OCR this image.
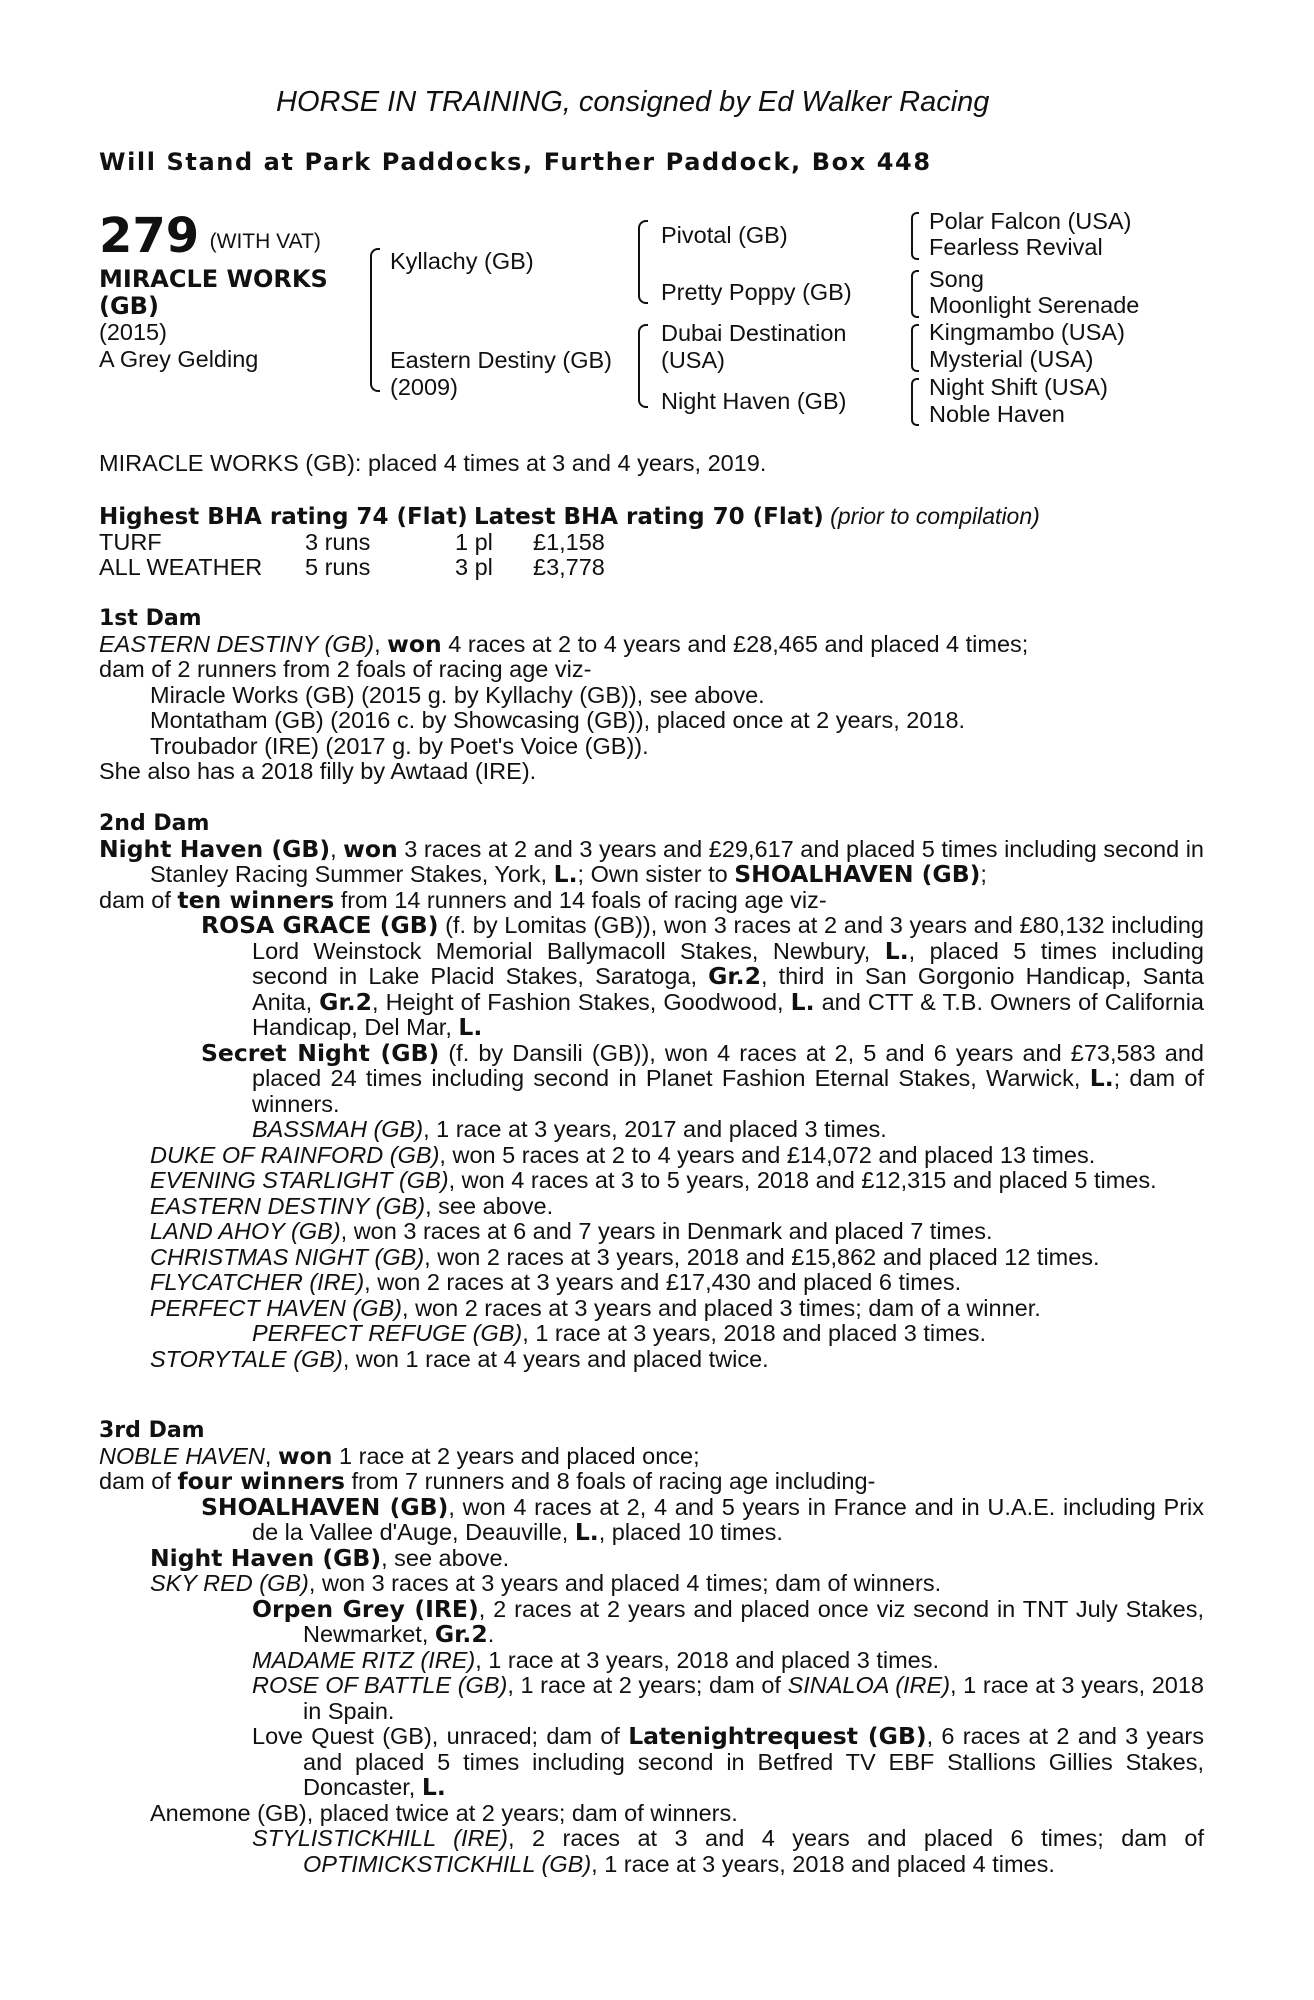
HORSE IN TRAINING, consigned by Ed Walker Racing
Will Stand at Park Paddocks, Further Paddock, Box 448
279 (WITH VAT)
MIRACLE WORKS
(GB)
(2015)
A Grey Gelding
Kyllachy (GB)
Eastern Destiny (GB)
(2009)
Pivotal (GB)
Pretty Poppy (GB)
Dubai Destination
(USA)
Night Haven (GB)
Polar Falcon (USA)
Fearless Revival
Song
Moonlight Serenade
Kingmambo (USA)
Mysterial (USA)
Night Shift (USA)
Noble Haven
MIRACLE WORKS (GB): placed 4 times at 3 and 4 years, 2019.
Highest BHA rating 74 (Flat) Latest BHA rating 70 (Flat) (prior to compilation)
TURF	3 runs	1 pl	£1,158
ALL WEATHER	5 runs	3 pl	£3,778

1st Dam

EASTERN DESTINY (GB), won 4 races at 2 to 4 years and £28,465 and placed 4 times;

dam of 2 runners from 2 foals of racing age viz-

Miracle Works (GB) (2015 g. by Kyllachy (GB)), see above.

Montatham (GB) (2016 c. by Showcasing (GB)), placed once at 2 years, 2018.

Troubador (IRE) (2017 g. by Poet's Voice (GB)).

She also has a 2018 filly by Awtaad (IRE).

2nd Dam

Night Haven (GB), won 3 races at 2 and 3 years and £29,617 and placed 5 times including second in Stanley Racing Summer Stakes, York, L.; Own sister to SHOALHAVEN (GB);

dam of ten winners from 14 runners and 14 foals of racing age viz-

ROSA GRACE (GB) (f. by Lomitas (GB)), won 3 races at 2 and 3 years and £80,132 including Lord Weinstock Memorial Ballymacoll Stakes, Newbury, L., placed 5 times including second in Lake Placid Stakes, Saratoga, Gr.2, third in San Gorgonio Handicap, Santa Anita, Gr.2, Height of Fashion Stakes, Goodwood, L. and CTT & T.B. Owners of California Handicap, Del Mar, L.

Secret Night (GB) (f. by Dansili (GB)), won 4 races at 2, 5 and 6 years and £73,583 and placed 24 times including second in Planet Fashion Eternal Stakes, Warwick, L.; dam of winners.

BASSMAH (GB), 1 race at 3 years, 2017 and placed 3 times.

DUKE OF RAINFORD (GB), won 5 races at 2 to 4 years and £14,072 and placed 13 times.

EVENING STARLIGHT (GB), won 4 races at 3 to 5 years, 2018 and £12,315 and placed 5 times.

EASTERN DESTINY (GB), see above.

LAND AHOY (GB), won 3 races at 6 and 7 years in Denmark and placed 7 times.

CHRISTMAS NIGHT (GB), won 2 races at 3 years, 2018 and £15,862 and placed 12 times.

FLYCATCHER (IRE), won 2 races at 3 years and £17,430 and placed 6 times.

PERFECT HAVEN (GB), won 2 races at 3 years and placed 3 times; dam of a winner.

PERFECT REFUGE (GB), 1 race at 3 years, 2018 and placed 3 times.

STORYTALE (GB), won 1 race at 4 years and placed twice.

3rd Dam

NOBLE HAVEN, won 1 race at 2 years and placed once;

dam of four winners from 7 runners and 8 foals of racing age including-

SHOALHAVEN (GB), won 4 races at 2, 4 and 5 years in France and in U.A.E. including Prix de la Vallee d'Auge, Deauville, L., placed 10 times.

Night Haven (GB), see above.

SKY RED (GB), won 3 races at 3 years and placed 4 times; dam of winners.

Orpen Grey (IRE), 2 races at 2 years and placed once viz second in TNT July Stakes, Newmarket, Gr.2.

MADAME RITZ (IRE), 1 race at 3 years, 2018 and placed 3 times.

ROSE OF BATTLE (GB), 1 race at 2 years; dam of SINALOA (IRE), 1 race at 3 years, 2018 in Spain.

Love Quest (GB), unraced; dam of Latenightrequest (GB), 6 races at 2 and 3 years and placed 5 times including second in Betfred TV EBF Stallions Gillies Stakes, Doncaster, L.

Anemone (GB), placed twice at 2 years; dam of winners.

STYLISTICKHILL (IRE), 2 races at 3 and 4 years and placed 6 times; dam of OPTIMICKSTICKHILL (GB), 1 race at 3 years, 2018 and placed 4 times.
